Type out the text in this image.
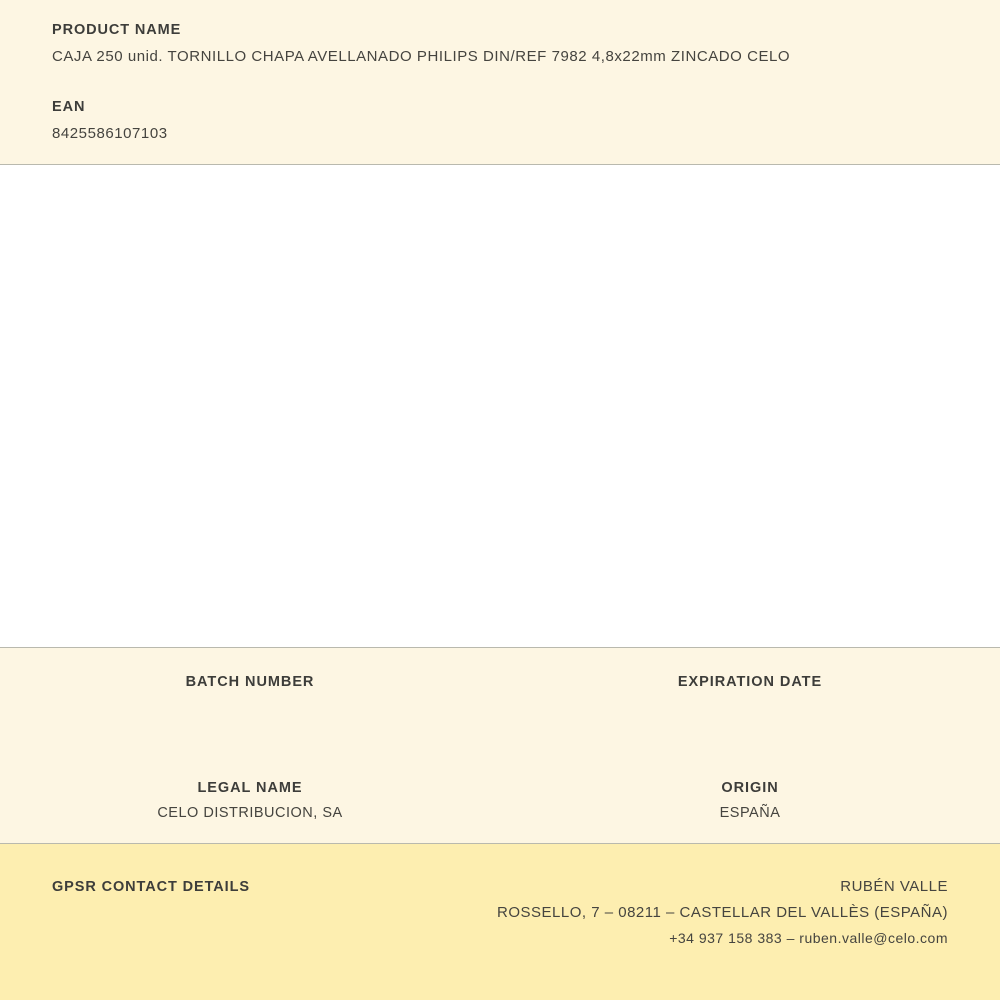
PRODUCT NAME

CAJA 250 unid. TORNILLO CHAPA AVELLANADO PHILIPS DIN/REF 7982 4,8x22mm ZINCADO CELO

EAN

8425586107103

BATCH NUMBER	EXPIRATION DATE

LEGAL NAME

CELO DISTRIBUCION, SA

ORIGIN

ESPAÑA

GPSR CONTACT DETAILS	RUBÉN VALLE

ROSSELLO, 7 – 08211 – CASTELLAR DEL VALLÈS (ESPAÑA)

+34 937 158 383 – ruben.valle@celo.com
